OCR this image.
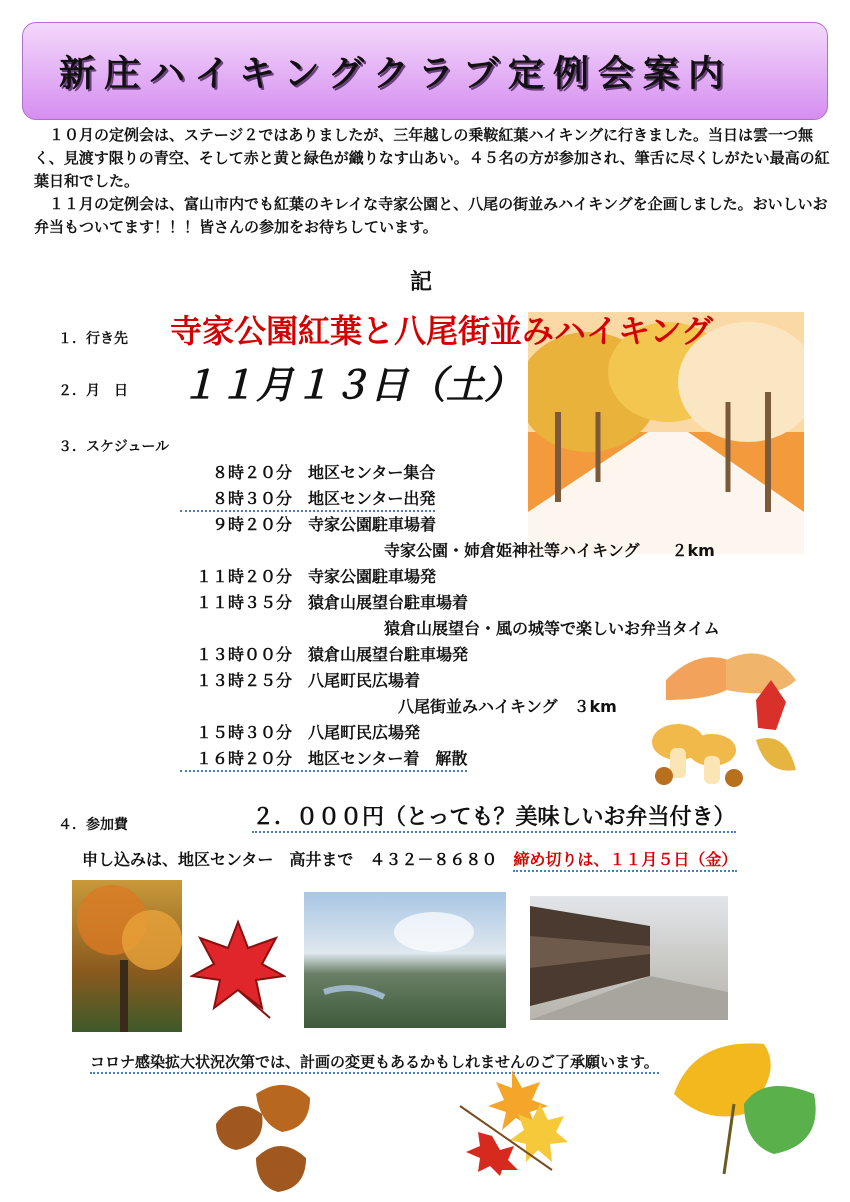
新庄ハイキングクラブ定例会案内

　１０月の定例会は、ステージ２ではありましたが、三年越しの乗鞍紅葉ハイキングに行きました。当日は雲一つ無く、見渡す限りの青空、そして赤と黄と緑色が織りなす山あい。４５名の方が参加され、筆舌に尽くしがたい最高の紅葉日和でした。

　１１月の定例会は、富山市内でも紅葉のキレイな寺家公園と、八尾の街並みハイキングを企画しました。おいしいお弁当もついてます！！！皆さんの参加をお待ちしています。

記
１．行き先 寺家公園紅葉と八尾街並みハイキング
２．月　日 １１月１３日（土）
３．スケジュール
８時２０分 地区センター集合
８時３０分 地区センター出発
９時２０分 寺家公園駐車場着
寺家公園・姉倉姫神社等ハイキング　　２km
１１時２０分 寺家公園駐車場発
１１時３５分 猿倉山展望台駐車場着
猿倉山展望台・風の城等で楽しいお弁当タイム
１３時００分 猿倉山展望台駐車場発
１３時２５分 八尾町民広場着
八尾街並みハイキング　３km
１５時３０分 八尾町民広場発
１６時２０分 地区センター着　解散
４．参加費	２．０００円（とっても？美味しいお弁当付き）
申し込みは、地区センター　高井まで　４３２－８６８０　締め切りは、１１月５日（金）
コロナ感染拡大状況次第では、計画の変更もあるかもしれませんのご了承願います。
